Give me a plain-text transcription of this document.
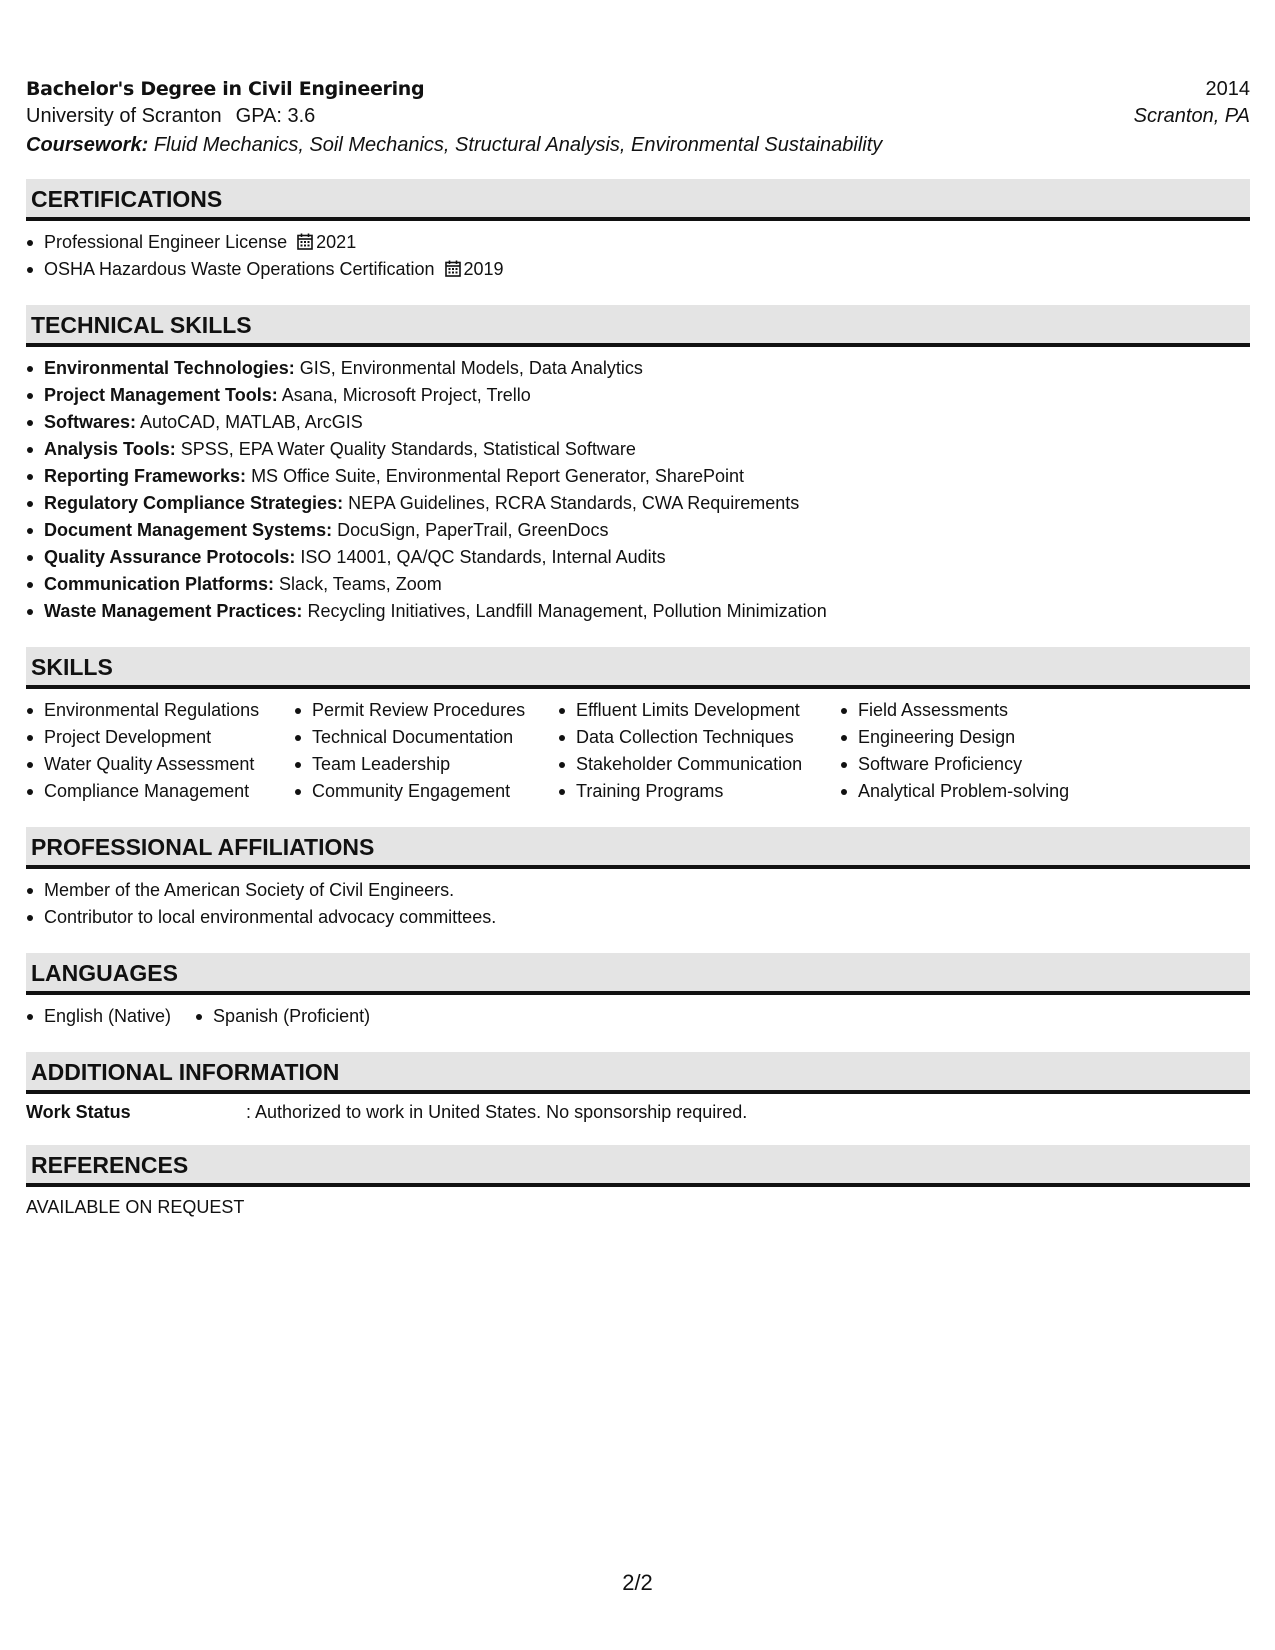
Bachelor's Degree in Civil Engineering	2014
University of Scranton GPA: 3.6	Scranton, PA
Coursework: Fluid Mechanics, Soil Mechanics, Structural Analysis, Environmental Sustainability
CERTIFICATIONS
Professional Engineer License 2021
OSHA Hazardous Waste Operations Certification 2019
TECHNICAL SKILLS
Environmental Technologies: GIS, Environmental Models, Data Analytics
Project Management Tools: Asana, Microsoft Project, Trello
Softwares: AutoCAD, MATLAB, ArcGIS
Analysis Tools: SPSS, EPA Water Quality Standards, Statistical Software
Reporting Frameworks: MS Office Suite, Environmental Report Generator, SharePoint
Regulatory Compliance Strategies: NEPA Guidelines, RCRA Standards, CWA Requirements
Document Management Systems: DocuSign, PaperTrail, GreenDocs
Quality Assurance Protocols: ISO 14001, QA/QC Standards, Internal Audits
Communication Platforms: Slack, Teams, Zoom
Waste Management Practices: Recycling Initiatives, Landfill Management, Pollution Minimization
SKILLS
Environmental Regulations
Project Development
Water Quality Assessment
Compliance Management
Permit Review Procedures
Technical Documentation
Team Leadership
Community Engagement
Effluent Limits Development
Data Collection Techniques
Stakeholder Communication
Training Programs
Field Assessments
Engineering Design
Software Proficiency
Analytical Problem-solving
PROFESSIONAL AFFILIATIONS
Member of the American Society of Civil Engineers.
Contributor to local environmental advocacy committees.
LANGUAGES
English (Native)	Spanish (Proficient)
ADDITIONAL INFORMATION
Work Status	: Authorized to work in United States. No sponsorship required.
REFERENCES
AVAILABLE ON REQUEST
2/2
